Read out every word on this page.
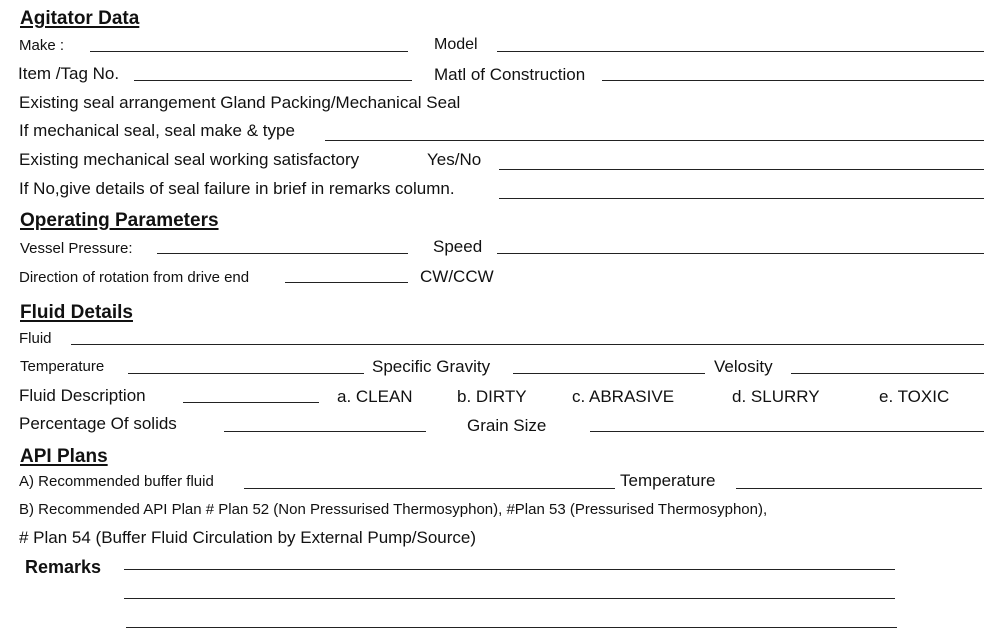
Agitator Data
Make :	Model
Item /Tag No.	Matl of Construction
Existing seal arrangement Gland Packing/Mechanical Seal
If mechanical seal, seal make & type
Existing mechanical seal working satisfactory	Yes/No
If No,give details of seal failure in brief in remarks column.
Operating Parameters
Vessel Pressure:	Speed
Direction of rotation from drive end	CW/CCW
Fluid Details
Fluid
Temperature	Specific Gravity	Velosity
Fluid Description	a. CLEAN	b. DIRTY	c. ABRASIVE	d. SLURRY	e. TOXIC
Percentage Of solids	Grain Size
API Plans
A) Recommended buffer fluid	Temperature
B) Recommended API Plan # Plan 52 (Non Pressurised Thermosyphon), #Plan 53 (Pressurised Thermosyphon),
# Plan 54 (Buffer Fluid Circulation by External Pump/Source)
Remarks
